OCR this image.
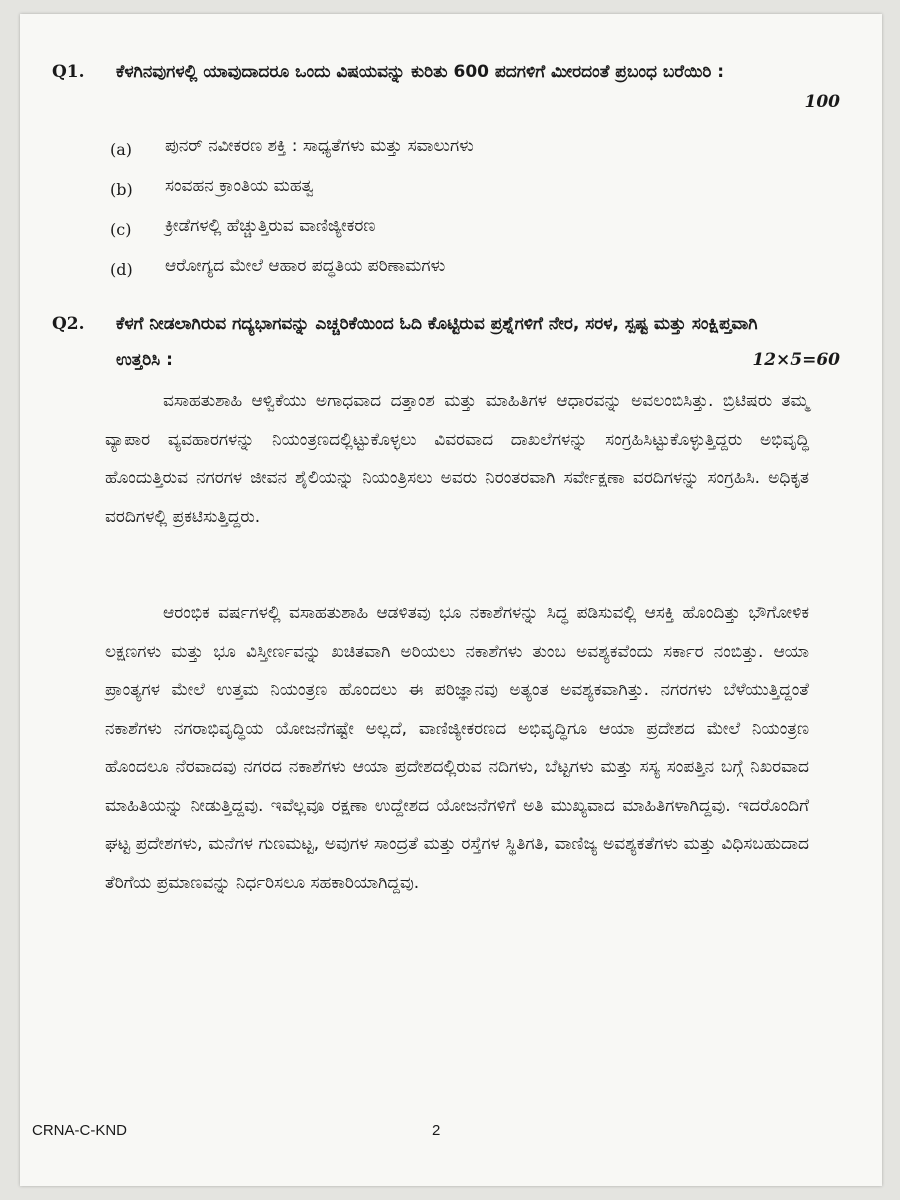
Q1. ಕೆಳಗಿನವುಗಳಲ್ಲಿ ಯಾವುದಾದರೂ ಒಂದು ವಿಷಯವನ್ನು ಕುರಿತು 600 ಪದಗಳಿಗೆ ಮೀರದಂತೆ ಪ್ರಬಂಧ ಬರೆಯಿರಿ :

100
(a) ಪುನರ್ ನವೀಕರಣ ಶಕ್ತಿ : ಸಾಧ್ಯತೆಗಳು ಮತ್ತು ಸವಾಲುಗಳು
(b) ಸಂವಹನ ಕ್ರಾಂತಿಯ ಮಹತ್ವ
(c) ಕ್ರೀಡೆಗಳಲ್ಲಿ ಹೆಚ್ಚುತ್ತಿರುವ ವಾಣಿಜ್ಯೀಕರಣ
(d) ಆರೋಗ್ಯದ ಮೇಲೆ ಆಹಾರ ಪದ್ಧತಿಯ ಪರಿಣಾಮಗಳು
Q2. ಕೆಳಗೆ ನೀಡಲಾಗಿರುವ ಗದ್ಯಭಾಗವನ್ನು ಎಚ್ಚರಿಕೆಯಿಂದ ಓದಿ ಕೊಟ್ಟಿರುವ ಪ್ರಶ್ನೆಗಳಿಗೆ ನೇರ, ಸರಳ, ಸ್ಪಷ್ಟ ಮತ್ತು ಸಂಕ್ಷಿಪ್ತವಾಗಿ ಉತ್ತರಿಸಿ :	12×5=60

ವಸಾಹತುಶಾಹಿ ಆಳ್ವಿಕೆಯು ಅಗಾಧವಾದ ದತ್ತಾಂಶ ಮತ್ತು ಮಾಹಿತಿಗಳ ಆಧಾರವನ್ನು ಅವಲಂಬಿಸಿತ್ತು. ಬ್ರಿಟಿಷರು ತಮ್ಮ ವ್ಯಾಪಾರ ವ್ಯವಹಾರಗಳನ್ನು ನಿಯಂತ್ರಣದಲ್ಲಿಟ್ಟುಕೊಳ್ಳಲು ವಿವರವಾದ ದಾಖಲೆಗಳನ್ನು ಸಂಗ್ರಹಿಸಿಟ್ಟುಕೊಳ್ಳುತ್ತಿದ್ದರು ಅಭಿವೃದ್ಧಿ ಹೊಂದುತ್ತಿರುವ ನಗರಗಳ ಜೀವನ ಶೈಲಿಯನ್ನು ನಿಯಂತ್ರಿಸಲು ಅವರು ನಿರಂತರವಾಗಿ ಸರ್ವೇಕ್ಷಣಾ ವರದಿಗಳನ್ನು ಸಂಗ್ರಹಿಸಿ. ಅಧಿಕೃತ ವರದಿಗಳಲ್ಲಿ ಪ್ರಕಟಿಸುತ್ತಿದ್ದರು.

ಆರಂಭಿಕ ವರ್ಷಗಳಲ್ಲಿ ವಸಾಹತುಶಾಹಿ ಆಡಳಿತವು ಭೂ ನಕಾಶೆಗಳನ್ನು ಸಿದ್ಧ ಪಡಿಸುವಲ್ಲಿ ಆಸಕ್ತಿ ಹೊಂದಿತ್ತು ಭೌಗೋಳಿಕ ಲಕ್ಷಣಗಳು ಮತ್ತು ಭೂ ವಿಸ್ತೀರ್ಣವನ್ನು ಖಚಿತವಾಗಿ ಅರಿಯಲು ನಕಾಶೆಗಳು ತುಂಬ ಅವಶ್ಯಕವೆಂದು ಸರ್ಕಾರ ನಂಬಿತ್ತು. ಆಯಾ ಪ್ರಾಂತ್ಯಗಳ ಮೇಲೆ ಉತ್ತಮ ನಿಯಂತ್ರಣ ಹೊಂದಲು ಈ ಪರಿಜ್ಞಾನವು ಅತ್ಯಂತ ಅವಶ್ಯಕವಾಗಿತ್ತು. ನಗರಗಳು ಬೆಳೆಯುತ್ತಿದ್ದಂತೆ ನಕಾಶೆಗಳು ನಗರಾಭಿವೃದ್ಧಿಯ ಯೋಜನೆಗಷ್ಟೇ ಅಲ್ಲದೆ, ವಾಣಿಜ್ಯೀಕರಣದ ಅಭಿವೃದ್ಧಿಗೂ ಆಯಾ ಪ್ರದೇಶದ ಮೇಲೆ ನಿಯಂತ್ರಣ ಹೊಂದಲೂ ನೆರವಾದವು ನಗರದ ನಕಾಶೆಗಳು ಆಯಾ ಪ್ರದೇಶದಲ್ಲಿರುವ ನದಿಗಳು, ಬೆಟ್ಟಗಳು ಮತ್ತು ಸಸ್ಯ ಸಂಪತ್ತಿನ ಬಗ್ಗೆ ನಿಖರವಾದ ಮಾಹಿತಿಯನ್ನು ನೀಡುತ್ತಿದ್ದವು. ಇವೆಲ್ಲವೂ ರಕ್ಷಣಾ ಉದ್ದೇಶದ ಯೋಜನೆಗಳಿಗೆ ಅತಿ ಮುಖ್ಯವಾದ ಮಾಹಿತಿಗಳಾಗಿದ್ದವು. ಇದರೊಂದಿಗೆ ಘಟ್ಟ ಪ್ರದೇಶಗಳು, ಮನೆಗಳ ಗುಣಮಟ್ಟ, ಅವುಗಳ ಸಾಂದ್ರತೆ ಮತ್ತು ರಸ್ತೆಗಳ ಸ್ಥಿತಿಗತಿ, ವಾಣಿಜ್ಯ ಅವಶ್ಯಕತೆಗಳು ಮತ್ತು ವಿಧಿಸಬಹುದಾದ ತೆರಿಗೆಯ ಪ್ರಮಾಣವನ್ನು ನಿರ್ಧರಿಸಲೂ ಸಹಕಾರಿಯಾಗಿದ್ದವು.

CRNA-C-KND	2
